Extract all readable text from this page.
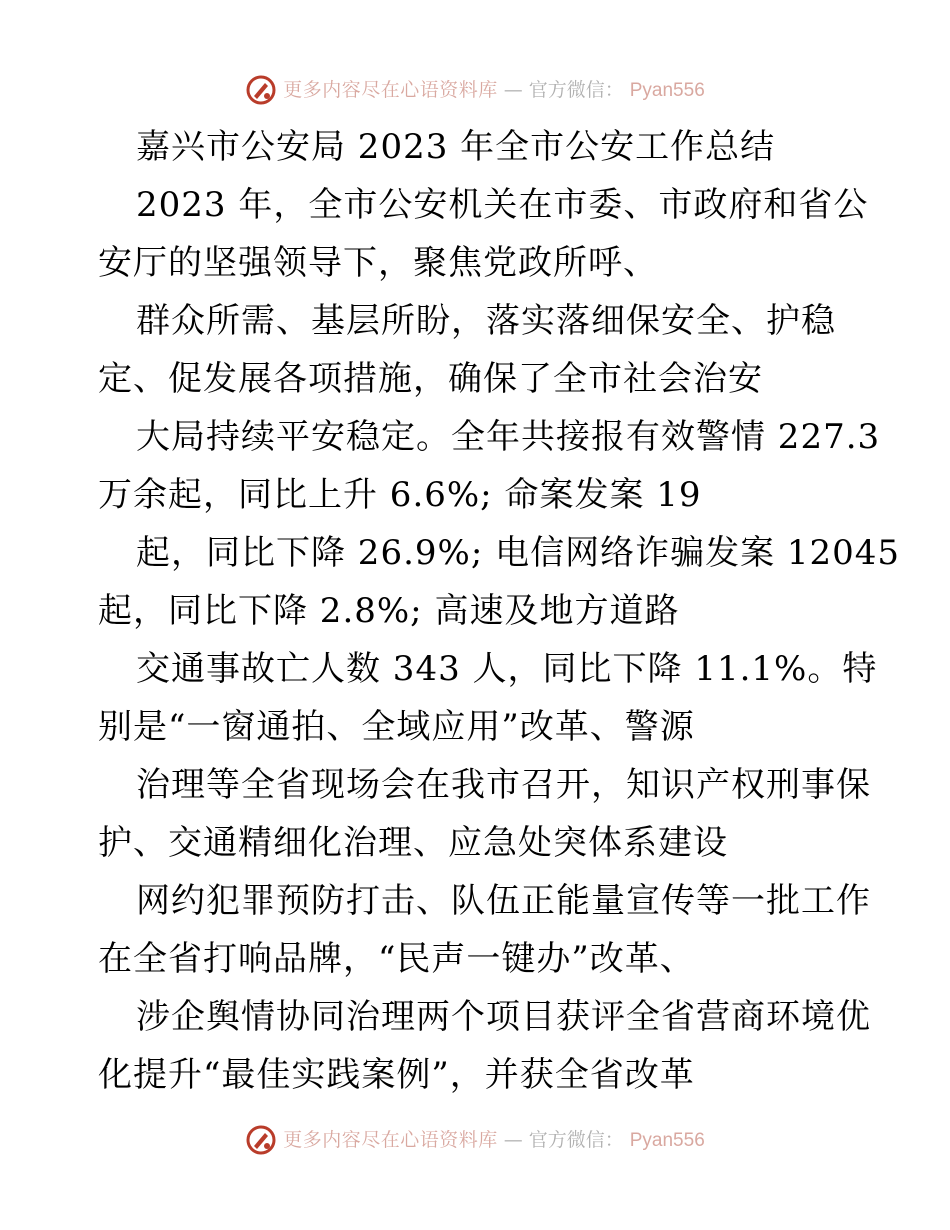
更多内容尽在心语资料库 — 官方微信： Pyan556
嘉兴市公安局 2023 年全市公安工作总结
2023 年，全市公安机关在市委、市政府和省公
安厅的坚强领导下，聚焦党政所呼、
群众所需、基层所盼，落实落细保安全、护稳
定、促发展各项措施，确保了全市社会治安
大局持续平安稳定。全年共接报有效警情 227.3
万余起，同比上升 6.6%; 命案发案 19
起，同比下降 26.9%; 电信网络诈骗发案 12045
起，同比下降 2.8%; 高速及地方道路
交通事故亡人数 343 人，同比下降 11.1%。特
别是“一窗通拍、全域应用”改革、警源
治理等全省现场会在我市召开，知识产权刑事保
护、交通精细化治理、应急处突体系建设
网约犯罪预防打击、队伍正能量宣传等一批工作
在全省打响品牌，“民声一键办”改革、
涉企舆情协同治理两个项目获评全省营商环境优
化提升“最佳实践案例”，并获全省改革
更多内容尽在心语资料库 — 官方微信： Pyan556
